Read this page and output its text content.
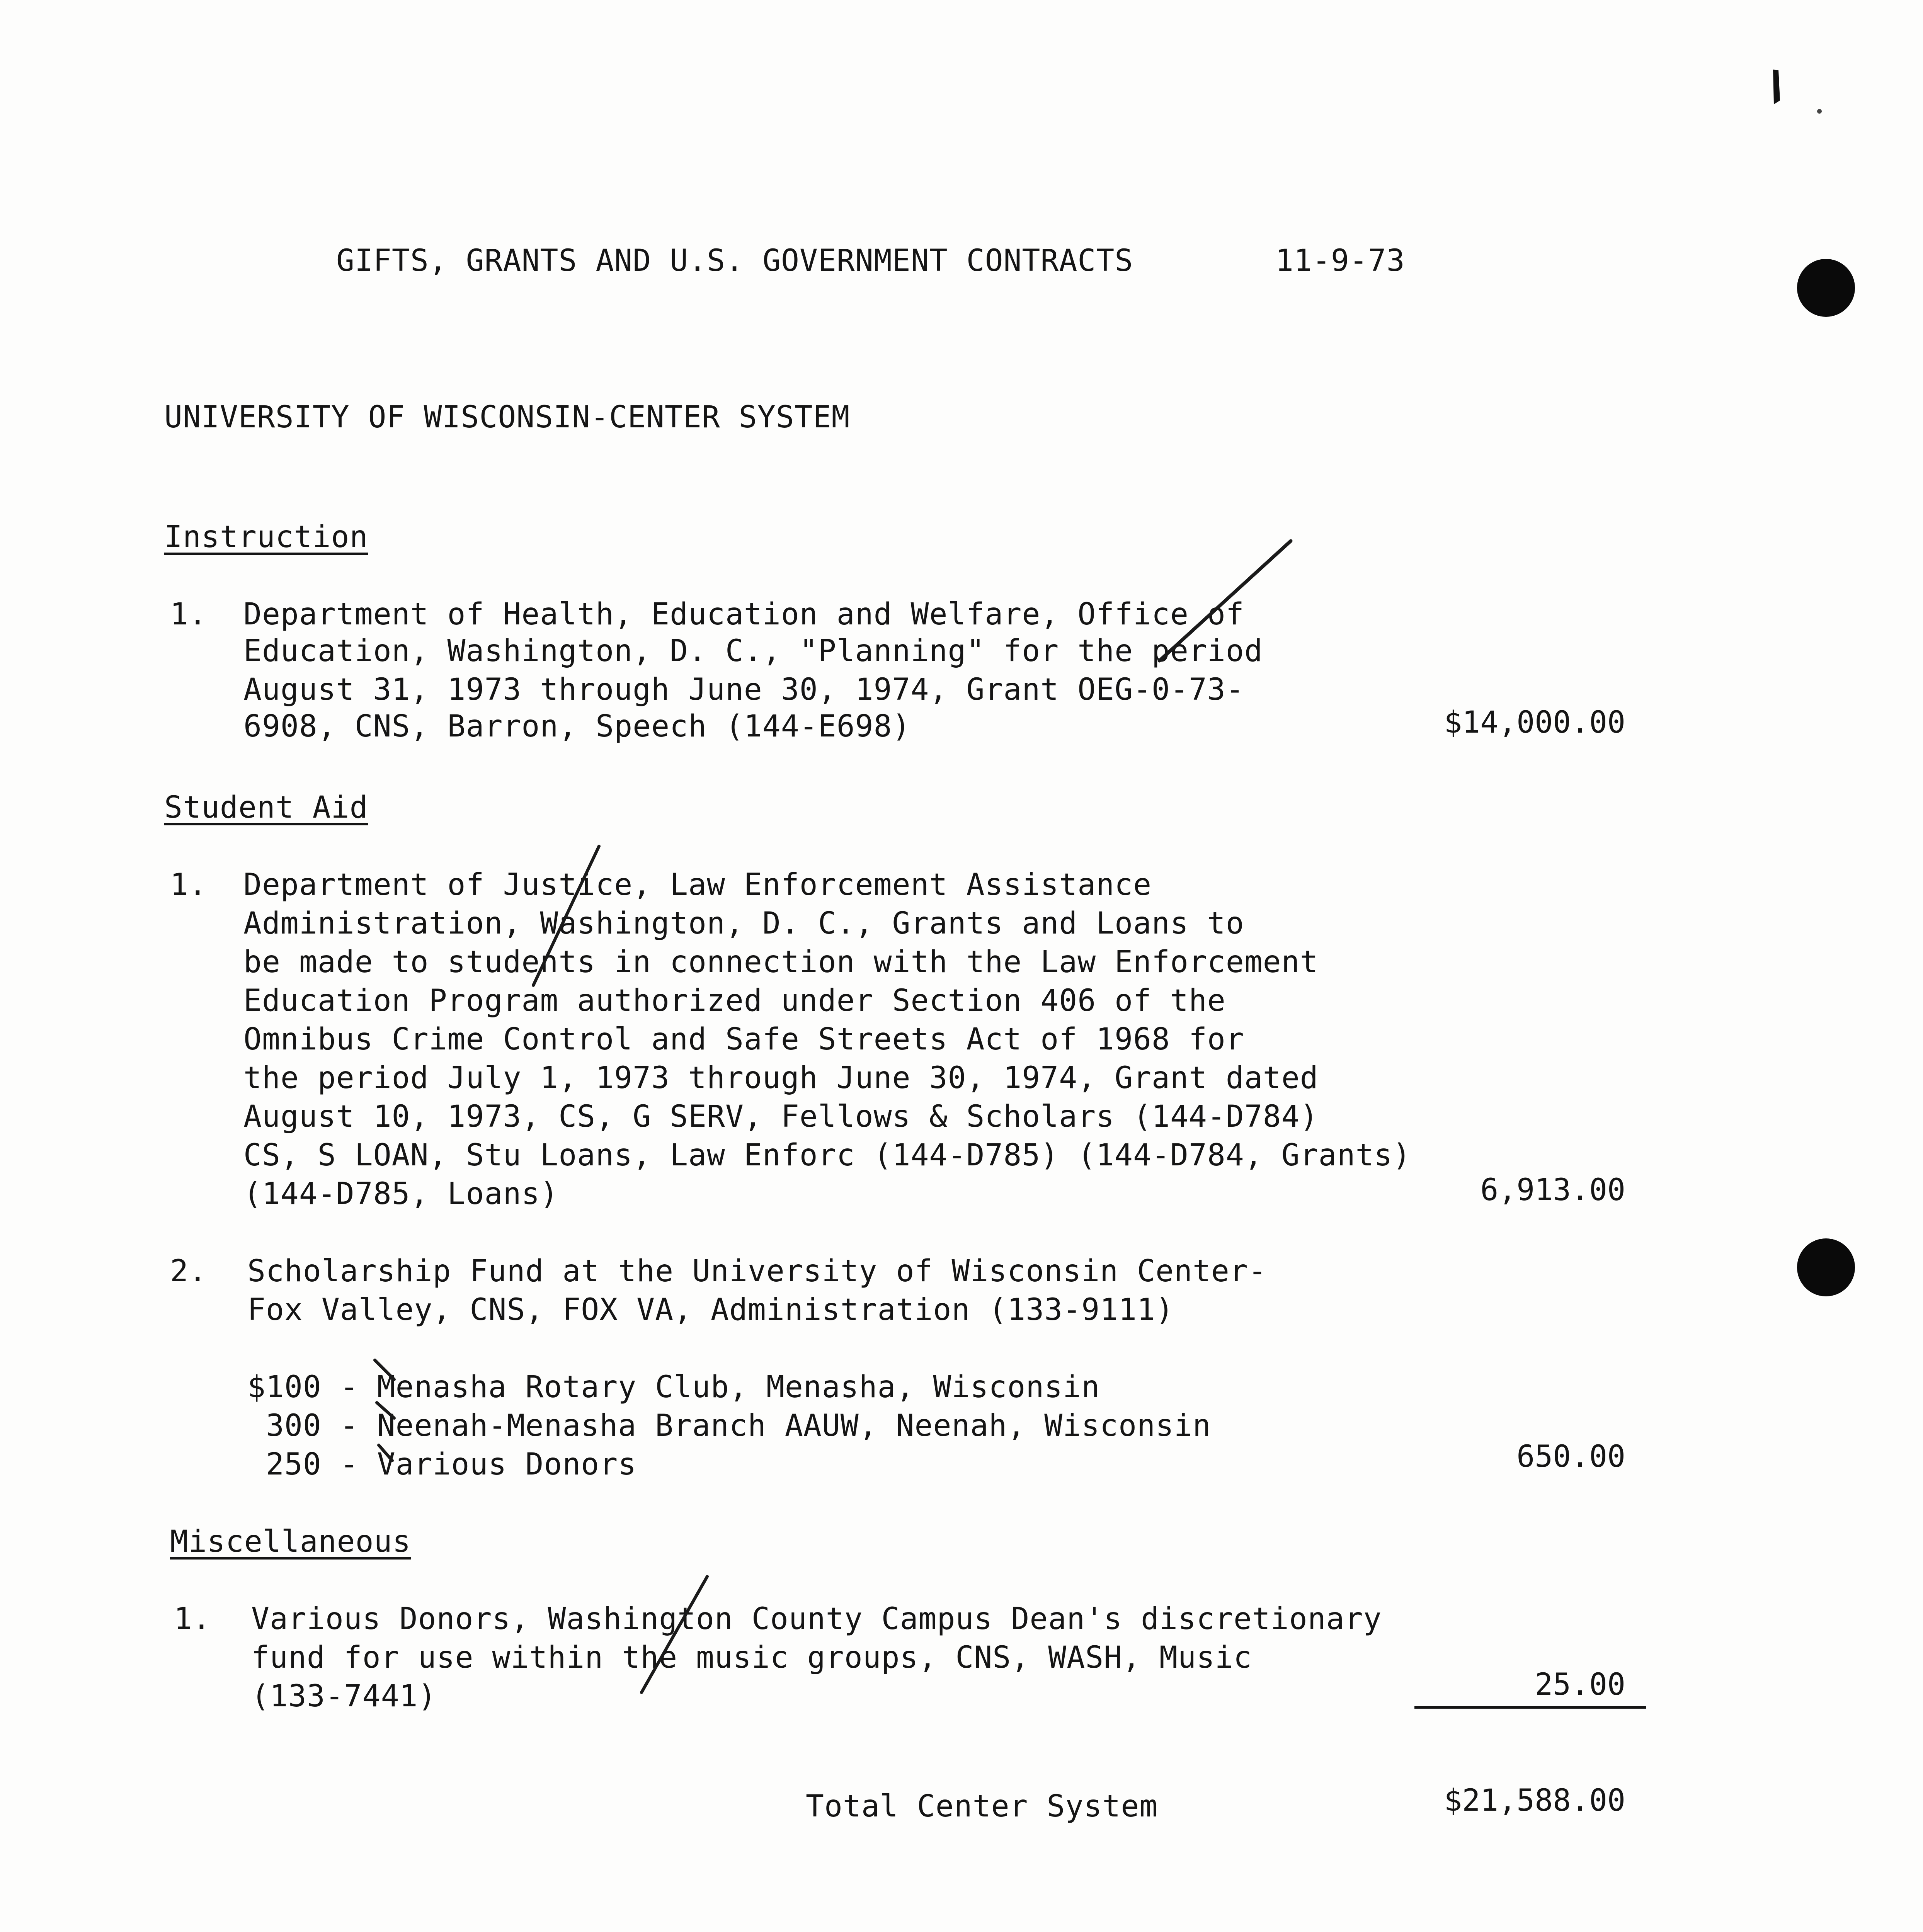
GIFTS, GRANTS AND U.S. GOVERNMENT CONTRACTS	11-9-73
UNIVERSITY OF WISCONSIN-CENTER SYSTEM
Instruction
1. Department of Health, Education and Welfare, Office of
Education, Washington, D. C., "Planning" for the period
August 31, 1973 through June 30, 1974, Grant OEG-0-73-
6908, CNS, Barron, Speech (144-E698)	$14,000.00
Student Aid
1. Department of Justice, Law Enforcement Assistance
Administration, Washington, D. C., Grants and Loans to
be made to students in connection with the Law Enforcement
Education Program authorized under Section 406 of the
Omnibus Crime Control and Safe Streets Act of 1968 for
the period July 1, 1973 through June 30, 1974, Grant dated
August 10, 1973, CS, G SERV, Fellows & Scholars (144-D784)
CS, S LOAN, Stu Loans, Law Enforc (144-D785) (144-D784, Grants)
(144-D785, Loans)	6,913.00
2. Scholarship Fund at the University of Wisconsin Center-
Fox Valley, CNS, FOX VA, Administration (133-9111)
$100 - Menasha Rotary Club, Menasha, Wisconsin
300 - Neenah-Menasha Branch AAUW, Neenah, Wisconsin
250 - Various Donors	650.00
Miscellaneous
1. Various Donors, Washington County Campus Dean's discretionary
fund for use within the music groups, CNS, WASH, Music
(133-7441)	25.00
Total Center System	$21,588.00
